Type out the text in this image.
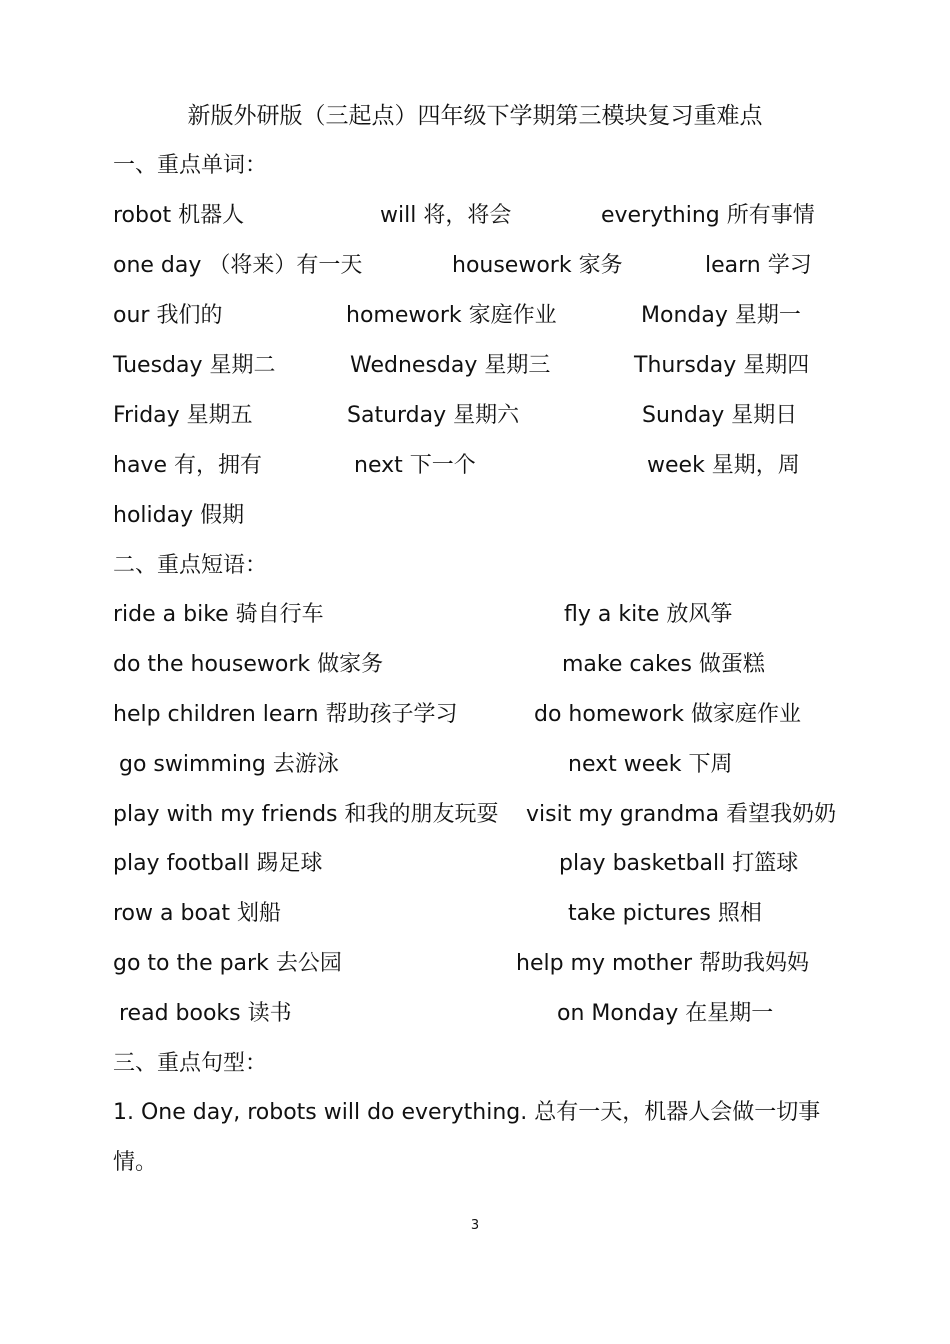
新版外研版（三起点）四年级下学期第三模块复习重难点
一、重点单词：
robot 机器人	will 将，将会	everything 所有事情
one day （将来）有一天	housework 家务	learn 学习
our 我们的	homework 家庭作业	Monday 星期一
Tuesday 星期二	Wednesday 星期三	Thursday 星期四
Friday 星期五	Saturday 星期六	Sunday 星期日
have 有，拥有	next 下一个	week 星期，周
holiday 假期
二、重点短语：
ride a bike 骑自行车	fly a kite 放风筝
do the housework 做家务	make cakes 做蛋糕
help children learn 帮助孩子学习	do homework 做家庭作业
go swimming 去游泳	next week 下周
play with my friends 和我的朋友玩耍 visit my grandma 看望我奶奶
play football 踢足球	play basketball 打篮球
row a boat 划船	take pictures 照相
go to the park 去公园	help my mother 帮助我妈妈
read books 读书	on Monday 在星期一
三、重点句型：
1. One day, robots will do everything. 总有一天，机器人会做一切事
情。
3
